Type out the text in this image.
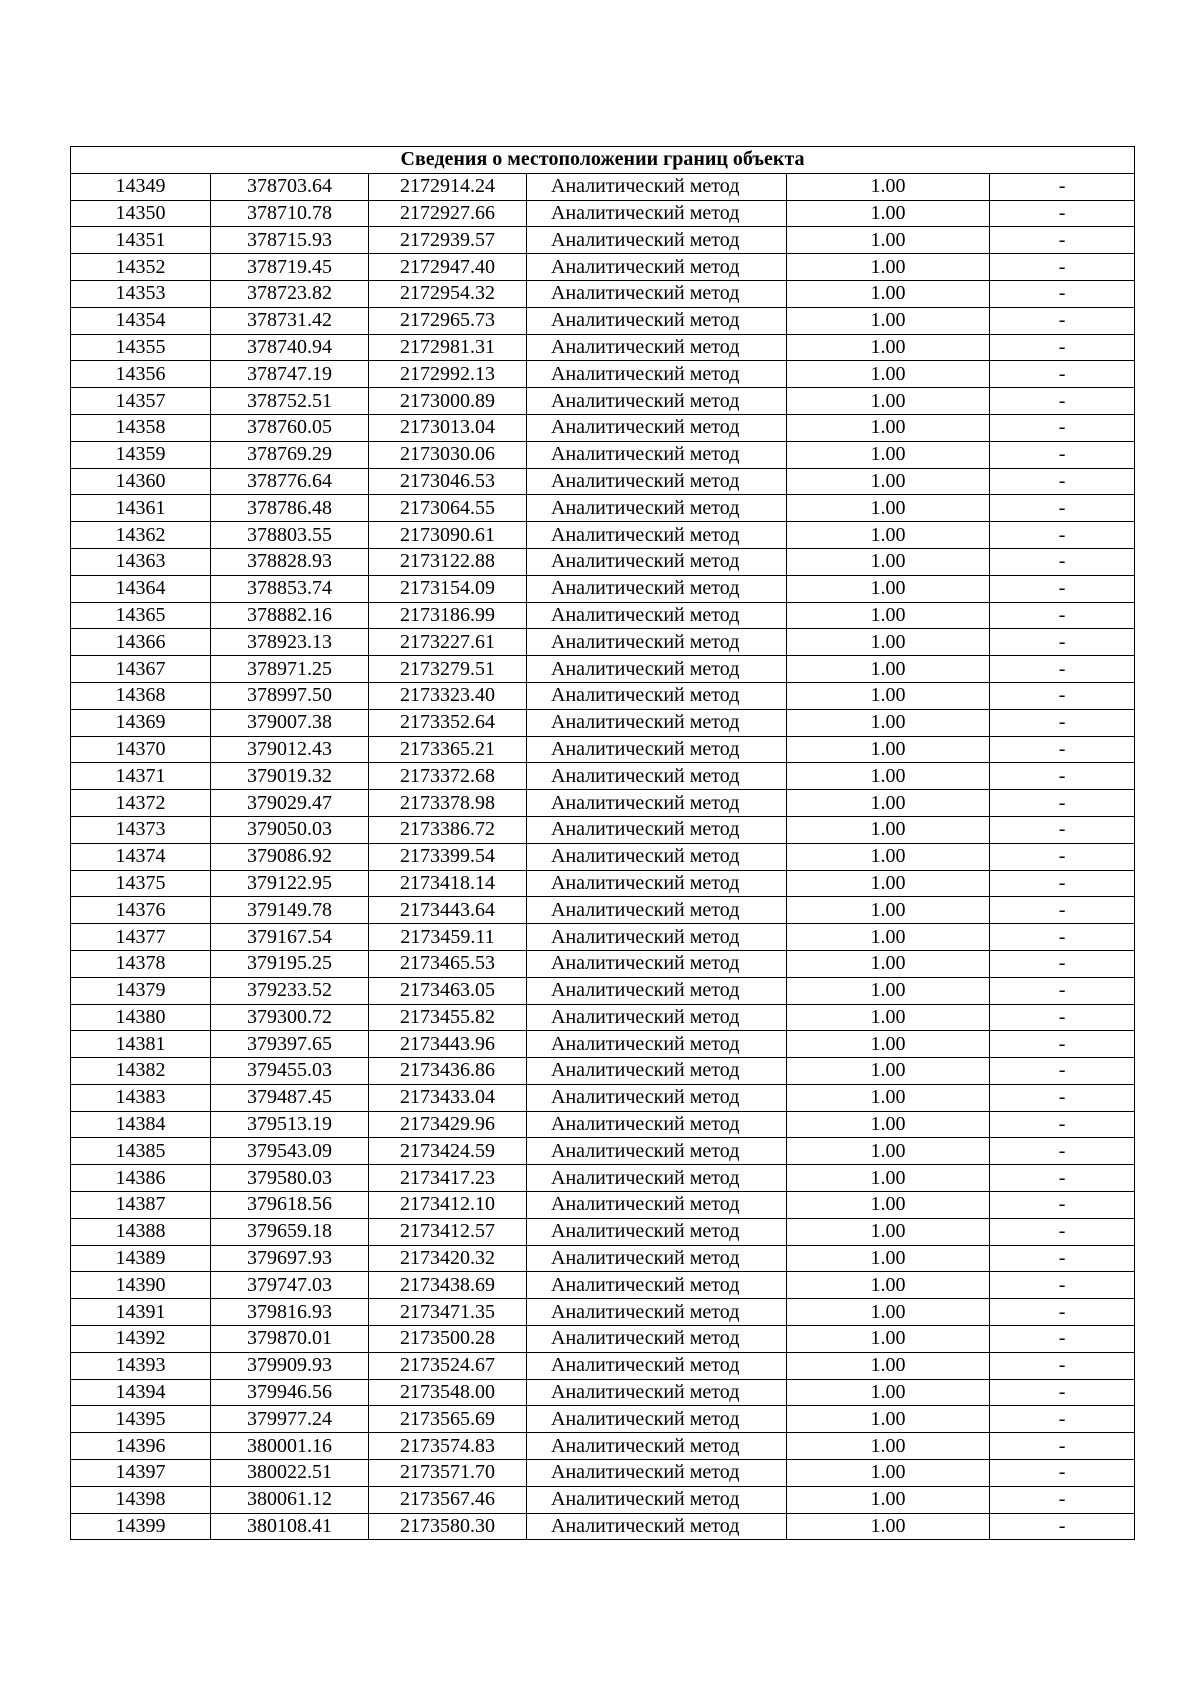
Сведения о местоположении границ объекта					
14349	378703.64	2172914.24	Аналитический метод	1.00	-
14350	378710.78	2172927.66	Аналитический метод	1.00	-
14351	378715.93	2172939.57	Аналитический метод	1.00	-
14352	378719.45	2172947.40	Аналитический метод	1.00	-
14353	378723.82	2172954.32	Аналитический метод	1.00	-
14354	378731.42	2172965.73	Аналитический метод	1.00	-
14355	378740.94	2172981.31	Аналитический метод	1.00	-
14356	378747.19	2172992.13	Аналитический метод	1.00	-
14357	378752.51	2173000.89	Аналитический метод	1.00	-
14358	378760.05	2173013.04	Аналитический метод	1.00	-
14359	378769.29	2173030.06	Аналитический метод	1.00	-
14360	378776.64	2173046.53	Аналитический метод	1.00	-
14361	378786.48	2173064.55	Аналитический метод	1.00	-
14362	378803.55	2173090.61	Аналитический метод	1.00	-
14363	378828.93	2173122.88	Аналитический метод	1.00	-
14364	378853.74	2173154.09	Аналитический метод	1.00	-
14365	378882.16	2173186.99	Аналитический метод	1.00	-
14366	378923.13	2173227.61	Аналитический метод	1.00	-
14367	378971.25	2173279.51	Аналитический метод	1.00	-
14368	378997.50	2173323.40	Аналитический метод	1.00	-
14369	379007.38	2173352.64	Аналитический метод	1.00	-
14370	379012.43	2173365.21	Аналитический метод	1.00	-
14371	379019.32	2173372.68	Аналитический метод	1.00	-
14372	379029.47	2173378.98	Аналитический метод	1.00	-
14373	379050.03	2173386.72	Аналитический метод	1.00	-
14374	379086.92	2173399.54	Аналитический метод	1.00	-
14375	379122.95	2173418.14	Аналитический метод	1.00	-
14376	379149.78	2173443.64	Аналитический метод	1.00	-
14377	379167.54	2173459.11	Аналитический метод	1.00	-
14378	379195.25	2173465.53	Аналитический метод	1.00	-
14379	379233.52	2173463.05	Аналитический метод	1.00	-
14380	379300.72	2173455.82	Аналитический метод	1.00	-
14381	379397.65	2173443.96	Аналитический метод	1.00	-
14382	379455.03	2173436.86	Аналитический метод	1.00	-
14383	379487.45	2173433.04	Аналитический метод	1.00	-
14384	379513.19	2173429.96	Аналитический метод	1.00	-
14385	379543.09	2173424.59	Аналитический метод	1.00	-
14386	379580.03	2173417.23	Аналитический метод	1.00	-
14387	379618.56	2173412.10	Аналитический метод	1.00	-
14388	379659.18	2173412.57	Аналитический метод	1.00	-
14389	379697.93	2173420.32	Аналитический метод	1.00	-
14390	379747.03	2173438.69	Аналитический метод	1.00	-
14391	379816.93	2173471.35	Аналитический метод	1.00	-
14392	379870.01	2173500.28	Аналитический метод	1.00	-
14393	379909.93	2173524.67	Аналитический метод	1.00	-
14394	379946.56	2173548.00	Аналитический метод	1.00	-
14395	379977.24	2173565.69	Аналитический метод	1.00	-
14396	380001.16	2173574.83	Аналитический метод	1.00	-
14397	380022.51	2173571.70	Аналитический метод	1.00	-
14398	380061.12	2173567.46	Аналитический метод	1.00	-
14399	380108.41	2173580.30	Аналитический метод	1.00	-
